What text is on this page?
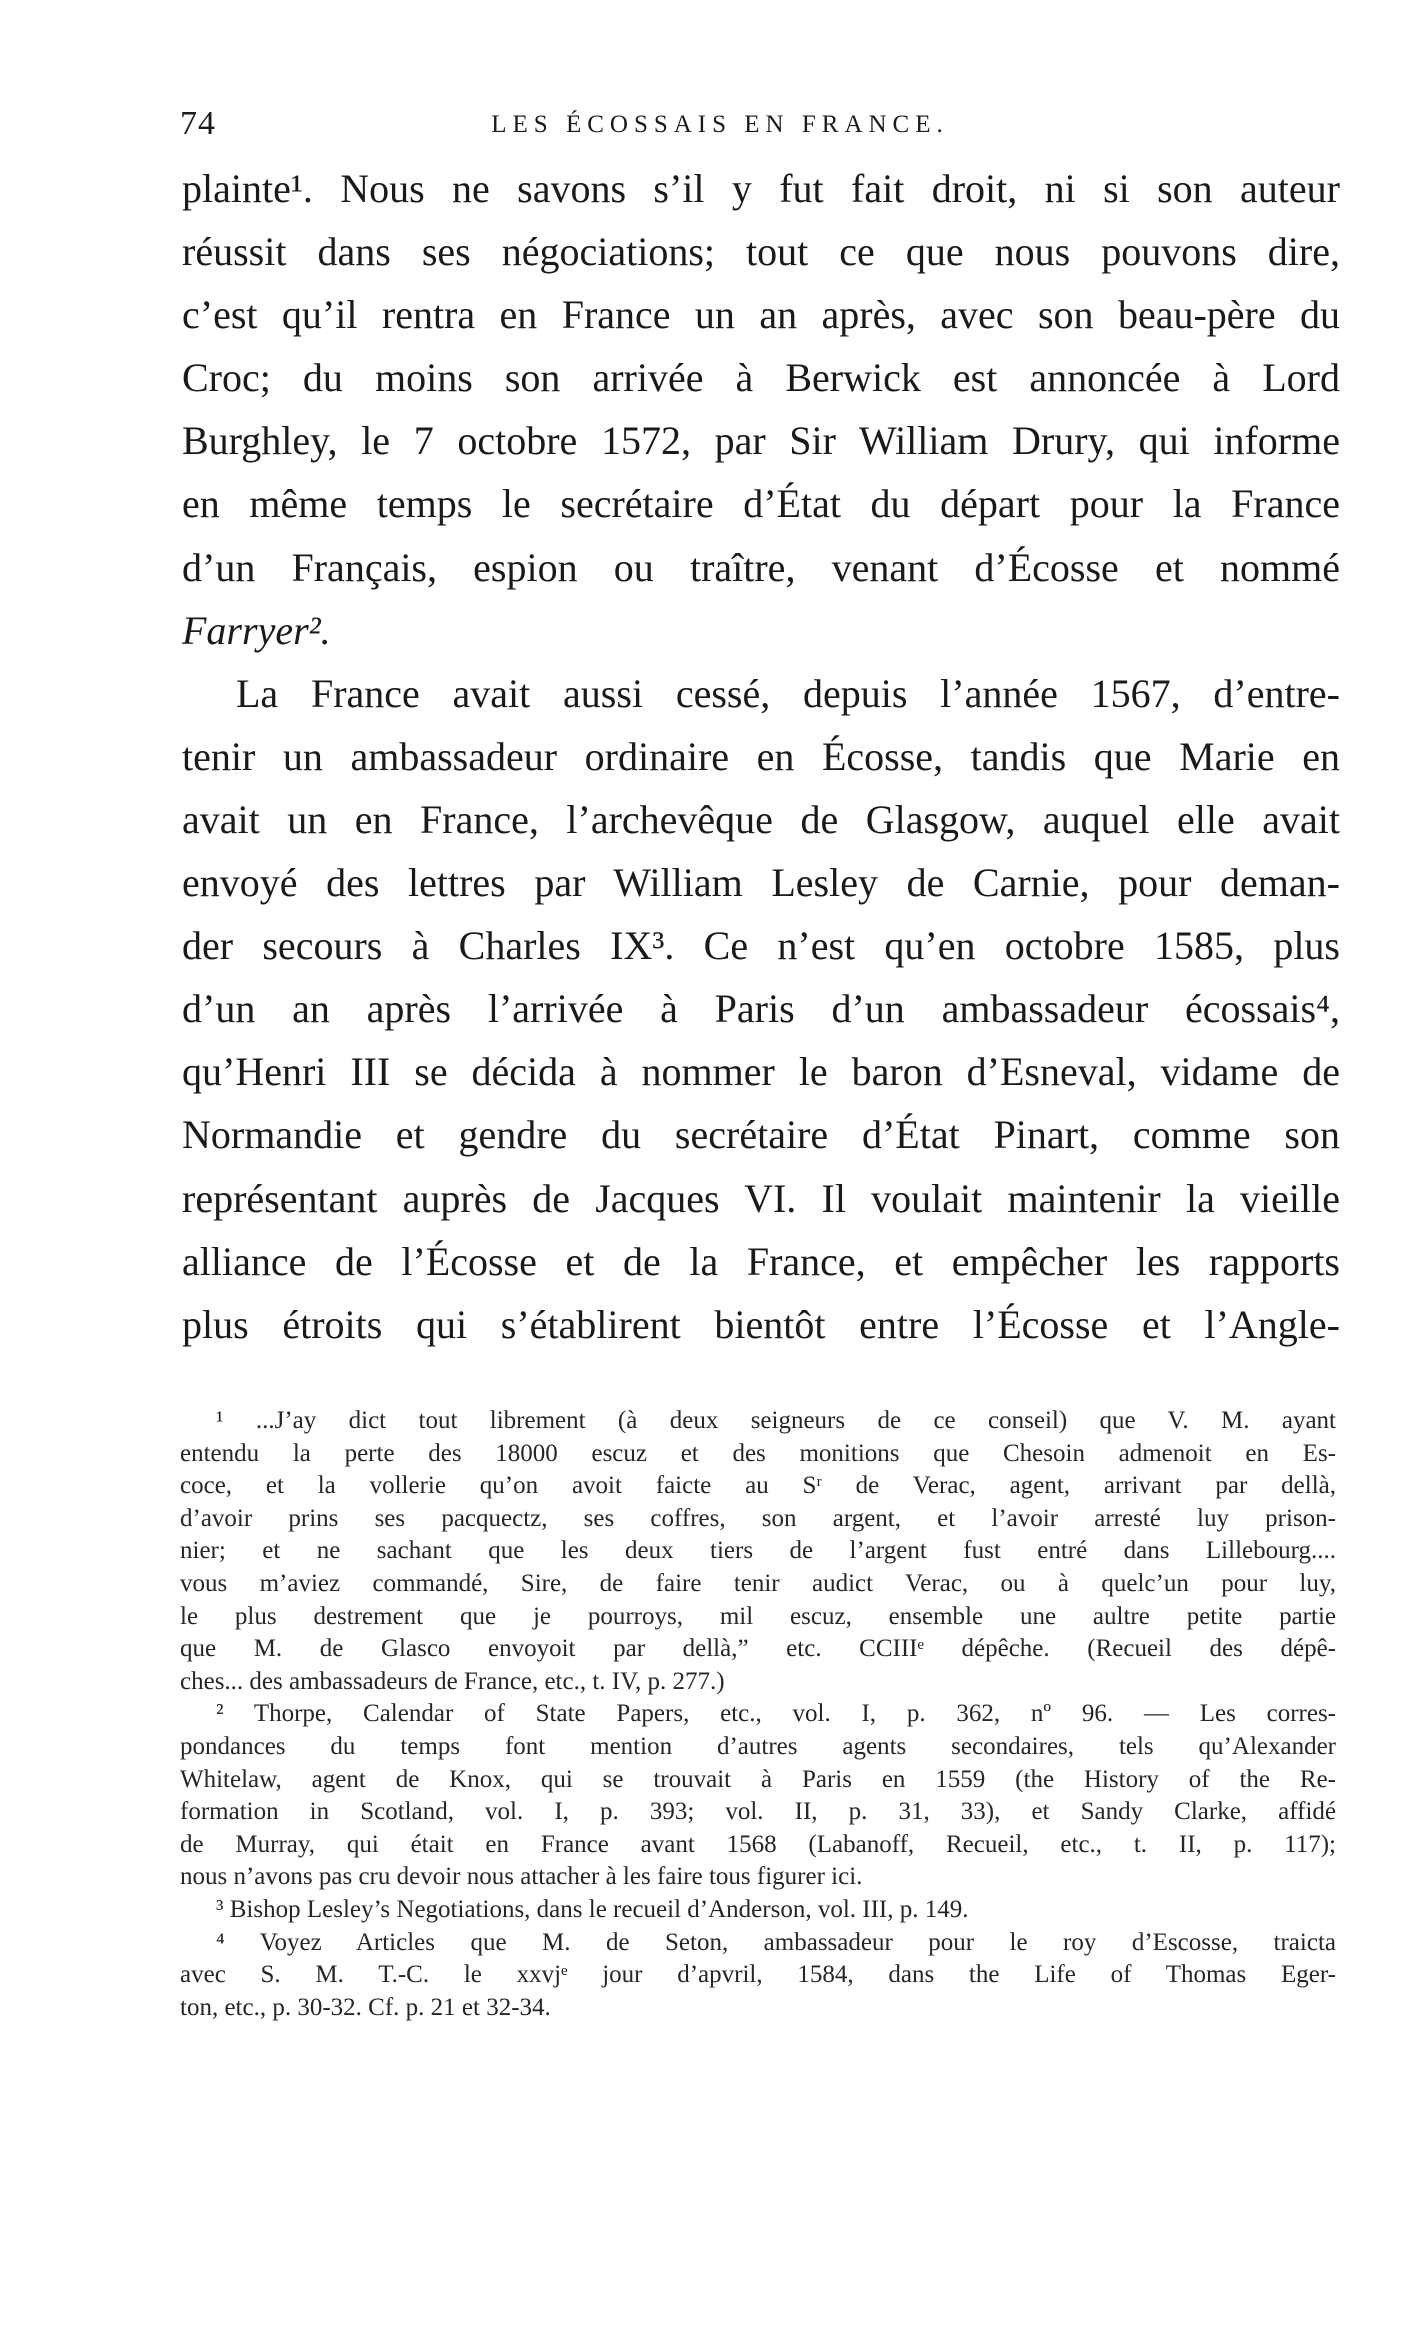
74	LES ÉCOSSAIS EN FRANCE.
plainte¹. Nous ne savons s’il y fut fait droit, ni si son auteur
réussit dans ses négociations; tout ce que nous pouvons dire,
c’est qu’il rentra en France un an après, avec son beau-père du
Croc; du moins son arrivée à Berwick est annoncée à Lord
Burghley, le 7 octobre 1572, par Sir William Drury, qui informe
en même temps le secrétaire d’État du départ pour la France
d’un Français, espion ou traître, venant d’Écosse et nommé
Farryer².
La France avait aussi cessé, depuis l’année 1567, d’entre-
tenir un ambassadeur ordinaire en Écosse, tandis que Marie en
avait un en France, l’archevêque de Glasgow, auquel elle avait
envoyé des lettres par William Lesley de Carnie, pour deman-
der secours à Charles IX³. Ce n’est qu’en octobre 1585, plus
d’un an après l’arrivée à Paris d’un ambassadeur écossais⁴,
qu’Henri III se décida à nommer le baron d’Esneval, vidame de
Normandie et gendre du secrétaire d’État Pinart, comme son
représentant auprès de Jacques VI. Il voulait maintenir la vieille
alliance de l’Écosse et de la France, et empêcher les rapports
plus étroits qui s’établirent bientôt entre l’Écosse et l’Angle-
¹ ...J’ay dict tout librement (à deux seigneurs de ce conseil) que V. M. ayant
entendu la perte des 18000 escuz et des monitions que Chesoin admenoit en Es-
coce, et la vollerie qu’on avoit faicte au Sʳ de Verac, agent, arrivant par dellà,
d’avoir prins ses pacquectz, ses coffres, son argent, et l’avoir arresté luy prison-
nier; et ne sachant que les deux tiers de l’argent fust entré dans Lillebourg....
vous m’aviez commandé, Sire, de faire tenir audict Verac, ou à quelc’un pour luy,
le plus destrement que je pourroys, mil escuz, ensemble une aultre petite partie
que M. de Glasco envoyoit par dellà,” etc. CCIIIᵉ dépêche. (Recueil des dépê-
ches... des ambassadeurs de France, etc., t. IV, p. 277.)
² Thorpe, Calendar of State Papers, etc., vol. I, p. 362, nº 96. — Les corres-
pondances du temps font mention d’autres agents secondaires, tels qu’Alexander
Whitelaw, agent de Knox, qui se trouvait à Paris en 1559 (the History of the Re-
formation in Scotland, vol. I, p. 393; vol. II, p. 31, 33), et Sandy Clarke, affidé
de Murray, qui était en France avant 1568 (Labanoff, Recueil, etc., t. II, p. 117);
nous n’avons pas cru devoir nous attacher à les faire tous figurer ici.
³ Bishop Lesley’s Negotiations, dans le recueil d’Anderson, vol. III, p. 149.
⁴ Voyez Articles que M. de Seton, ambassadeur pour le roy d’Escosse, traicta
avec S. M. T.-C. le xxvjᵉ jour d’apvril, 1584, dans the Life of Thomas Eger-
ton, etc., p. 30-32. Cf. p. 21 et 32-34.
